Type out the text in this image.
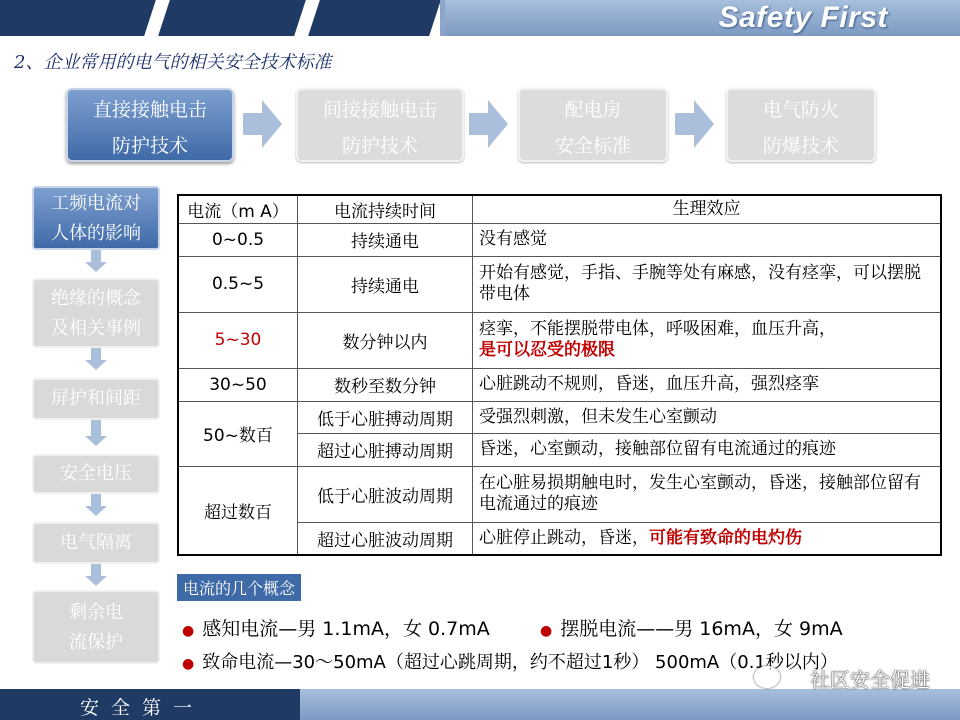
Safety First
2、企业常用的电气的相关安全技术标准
直接接触电击
防护技术
间接接触电击
防护技术
配电房
安全标准
电气防火
防爆技术
工频电流对
人体的影响
绝缘的概念
及相关事例
屏护和间距
安全电压
电气隔离
剩余电
流保护
电流（m A）	电流持续时间	生理效应
0~0.5	持续通电	没有感觉
0.5~5	持续通电	开始有感觉，手指、手腕等处有麻感，没有痉挛，可以摆脱带电体
5~30	数分钟以内	痉挛，不能摆脱带电体，呼吸困难，血压升高，
是可以忍受的极限
30~50	数秒至数分钟	心脏跳动不规则，昏迷，血压升高，强烈痉挛
50~数百	低于心脏搏动周期	受强烈刺激，但未发生心室颤动
	超过心脏搏动周期	昏迷，心室颤动，接触部位留有电流通过的痕迹
超过数百	低于心脏波动周期	在心脏易损期触电时，发生心室颤动，昏迷，接触部位留有电流通过的痕迹
	超过心脏波动周期	心脏停止跳动，昏迷，可能有致命的电灼伤
电流的几个概念
● 感知电流—男 1.1mA，女 0.7mA	● 摆脱电流——男 16mA，女 9mA
● 致命电流—30～50mA（超过心跳周期，约不超过1秒） 500mA（0.1秒以内）
安全第一
社区安全促进
